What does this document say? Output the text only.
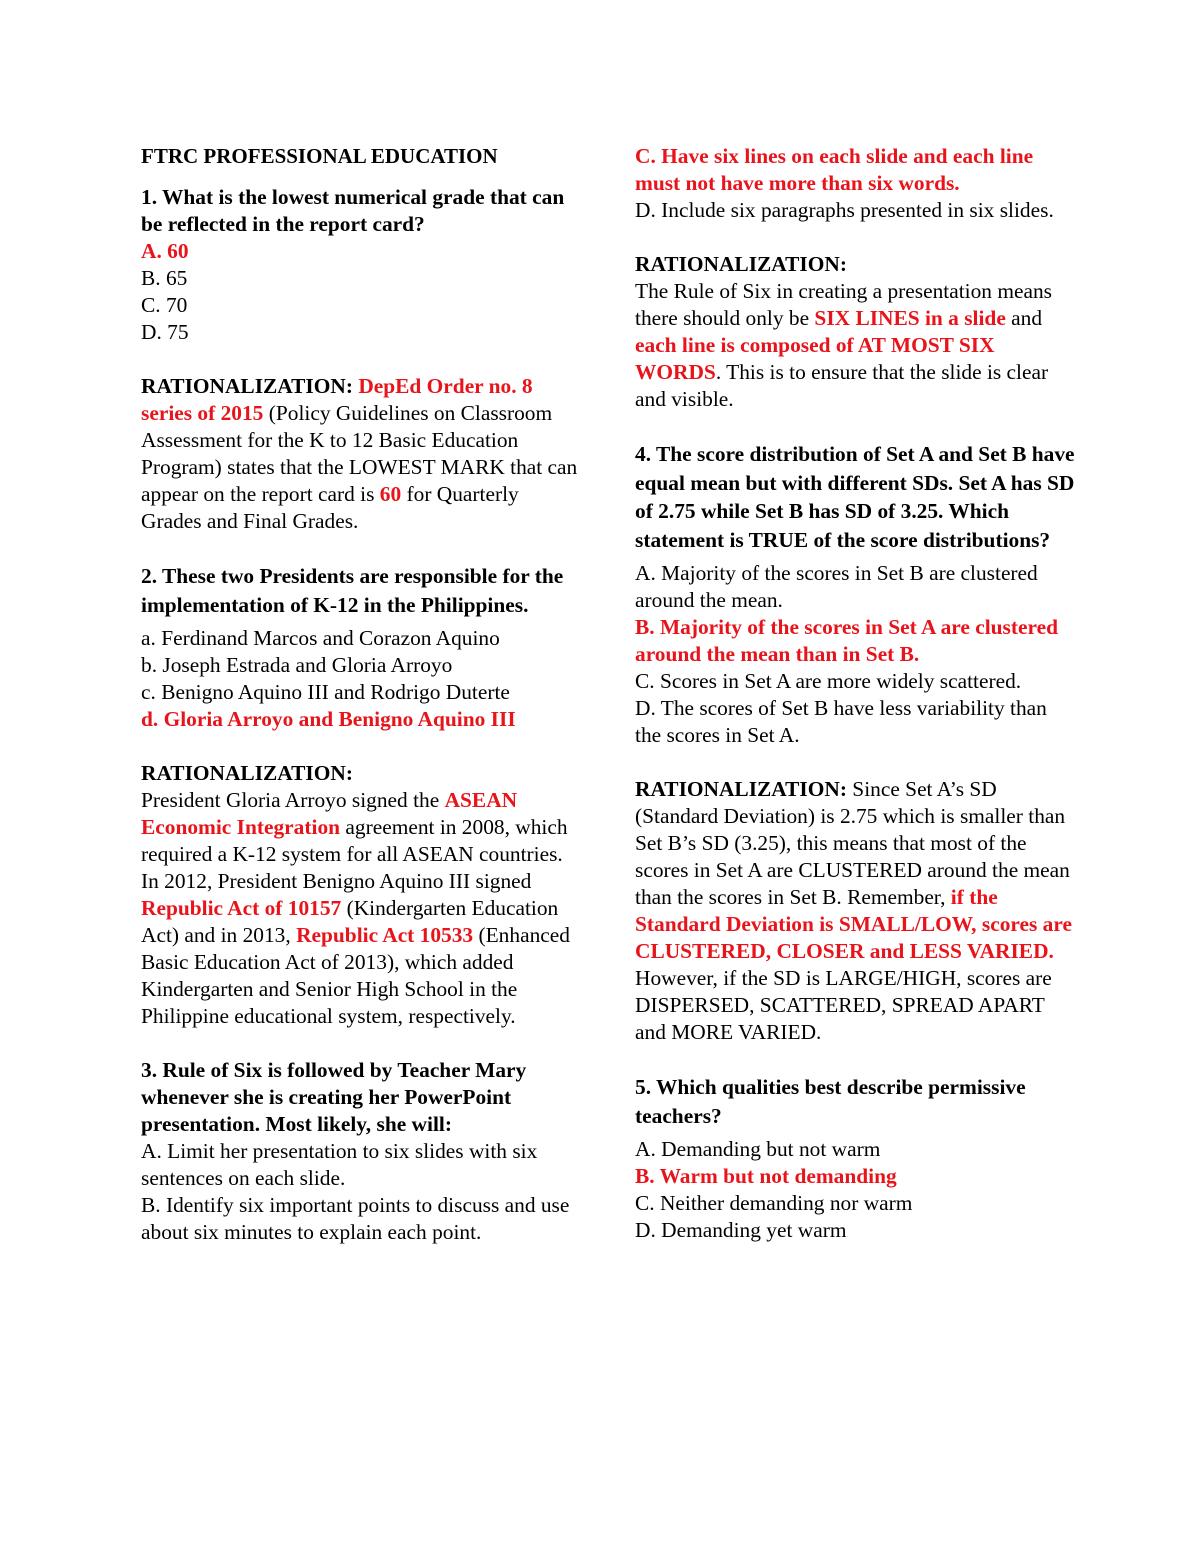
FTRC PROFESSIONAL EDUCATION

1. What is the lowest numerical grade that can be reflected in the report card?

A. 60

B. 65

C. 70

D. 75

RATIONALIZATION: DepEd Order no. 8 series of 2015 (Policy Guidelines on Classroom Assessment for the K to 12 Basic Education Program) states that the LOWEST MARK that can appear on the report card is 60 for Quarterly Grades and Final Grades.

2. These two Presidents are responsible for the implementation of K-12 in the Philippines.

a. Ferdinand Marcos and Corazon Aquino

b. Joseph Estrada and Gloria Arroyo

c. Benigno Aquino III and Rodrigo Duterte

d. Gloria Arroyo and Benigno Aquino III

RATIONALIZATION:

President Gloria Arroyo signed the ASEAN Economic Integration agreement in 2008, which required a K-12 system for all ASEAN countries. In 2012, President Benigno Aquino III signed Republic Act of 10157 (Kindergarten Education Act) and in 2013, Republic Act 10533 (Enhanced Basic Education Act of 2013), which added Kindergarten and Senior High School in the Philippine educational system, respectively.

3. Rule of Six is followed by Teacher Mary whenever she is creating her PowerPoint presentation. Most likely, she will:

A. Limit her presentation to six slides with six sentences on each slide.

B. Identify six important points to discuss and use about six minutes to explain each point.

C. Have six lines on each slide and each line must not have more than six words.

D. Include six paragraphs presented in six slides.

RATIONALIZATION:

The Rule of Six in creating a presentation means there should only be SIX LINES in a slide and each line is composed of AT MOST SIX WORDS. This is to ensure that the slide is clear and visible.

4. The score distribution of Set A and Set B have equal mean but with different SDs. Set A has SD of 2.75 while Set B has SD of 3.25. Which statement is TRUE of the score distributions?

A. Majority of the scores in Set B are clustered around the mean.

B. Majority of the scores in Set A are clustered around the mean than in Set B.

C. Scores in Set A are more widely scattered.

D. The scores of Set B have less variability than the scores in Set A.

RATIONALIZATION: Since Set A’s SD (Standard Deviation) is 2.75 which is smaller than Set B’s SD (3.25), this means that most of the scores in Set A are CLUSTERED around the mean than the scores in Set B. Remember, if the Standard Deviation is SMALL/LOW, scores are CLUSTERED, CLOSER and LESS VARIED. However, if the SD is LARGE/HIGH, scores are DISPERSED, SCATTERED, SPREAD APART and MORE VARIED.

5. Which qualities best describe permissive teachers?

A. Demanding but not warm

B. Warm but not demanding

C. Neither demanding nor warm

D. Demanding yet warm
